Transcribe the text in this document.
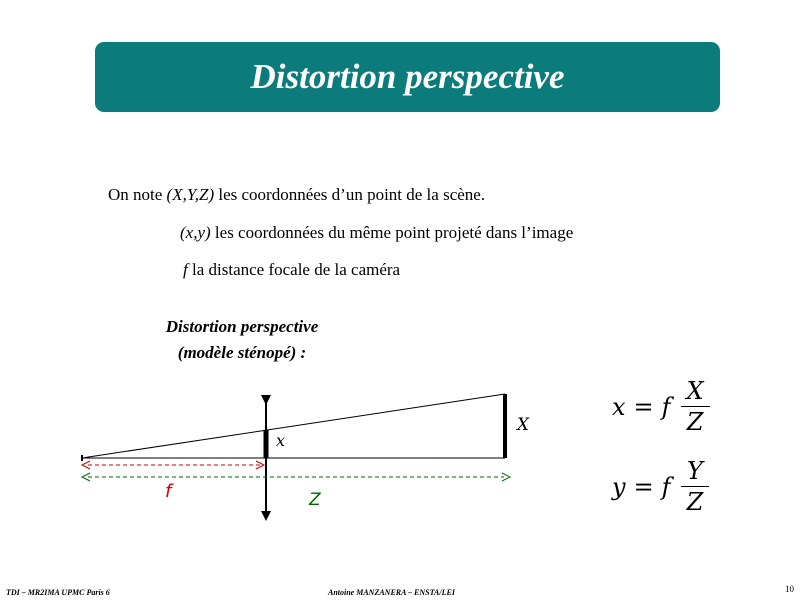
Distortion perspective
On note (X,Y,Z) les coordonnées d’un point de la scène.
(x,y) les coordonnées du même point projeté dans l’image
f la distance focale de la caméra
Distortion perspective
(modèle sténopé) :
x
X
f	Z
x = f $\frac{X}{Z}$
y = f $\frac{Y}{Z}$
TDI – MR2IMA UPMC Paris 6	Antoine MANZANERA – ENSTA/LEI	10
